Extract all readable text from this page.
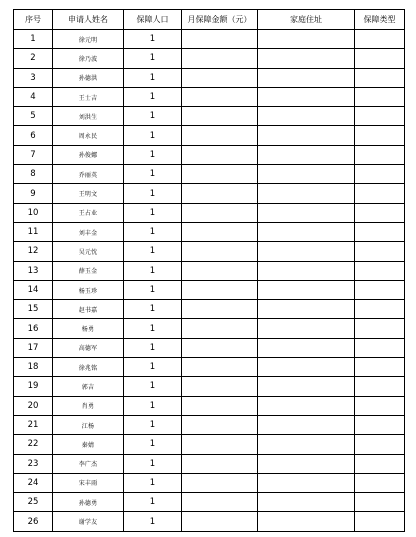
序号	申请人姓名	保障人口	月保障金额（元）	家庭住址	保障类型
1	徐元明	1			
2	徐乃波	1			
3	孙德洪	1			
4	王士吉	1			
5	刘洪生	1			
6	周永民	1			
7	孙俊娜	1			
8	乔丽英	1			
9	王明文	1			
10	王占业	1			
11	刘丰金	1			
12	吴元忱	1			
13	薛玉金	1			
14	杨玉珍	1			
15	赵书嘉	1			
16	杨勇	1			
17	高德军	1			
18	徐兆铭	1			
19	郭吉	1			
20	肖勇	1			
21	江杨	1			
22	秦婧	1			
23	李广杰	1			
24	宋丰雨	1			
25	孙德勇	1			
26	谢学友	1			
